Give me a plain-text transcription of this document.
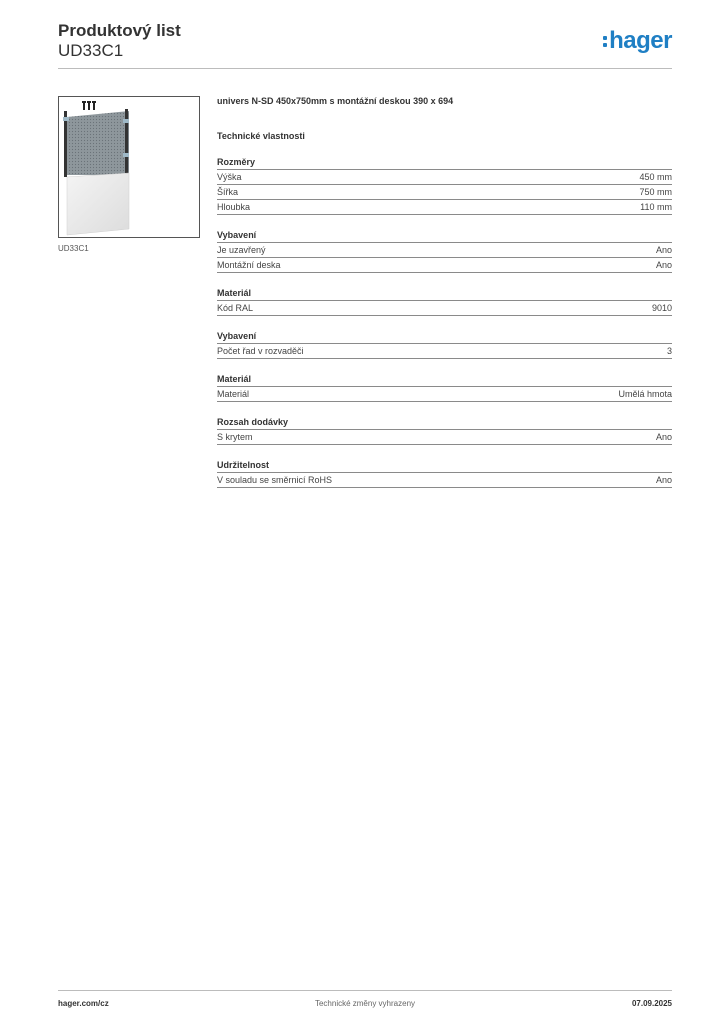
Produktový list
UD33C1	hager
UD33C1
univers N-SD 450x750mm s montážní deskou 390 x 694
Technické vlastnosti
Rozměry
Výška	450 mm
Šířka	750 mm
Hloubka	110 mm
Vybavení
Je uzavřený	Ano
Montážní deska	Ano
Materiál
Kód RAL	9010
Vybavení
Počet řad v rozvaděči	3
Materiál
Materiál	Umělá hmota
Rozsah dodávky
S krytem	Ano
Udržitelnost
V souladu se směrnicí RoHS	Ano
hager.com/cz	Technické změny vyhrazeny	07.09.2025
